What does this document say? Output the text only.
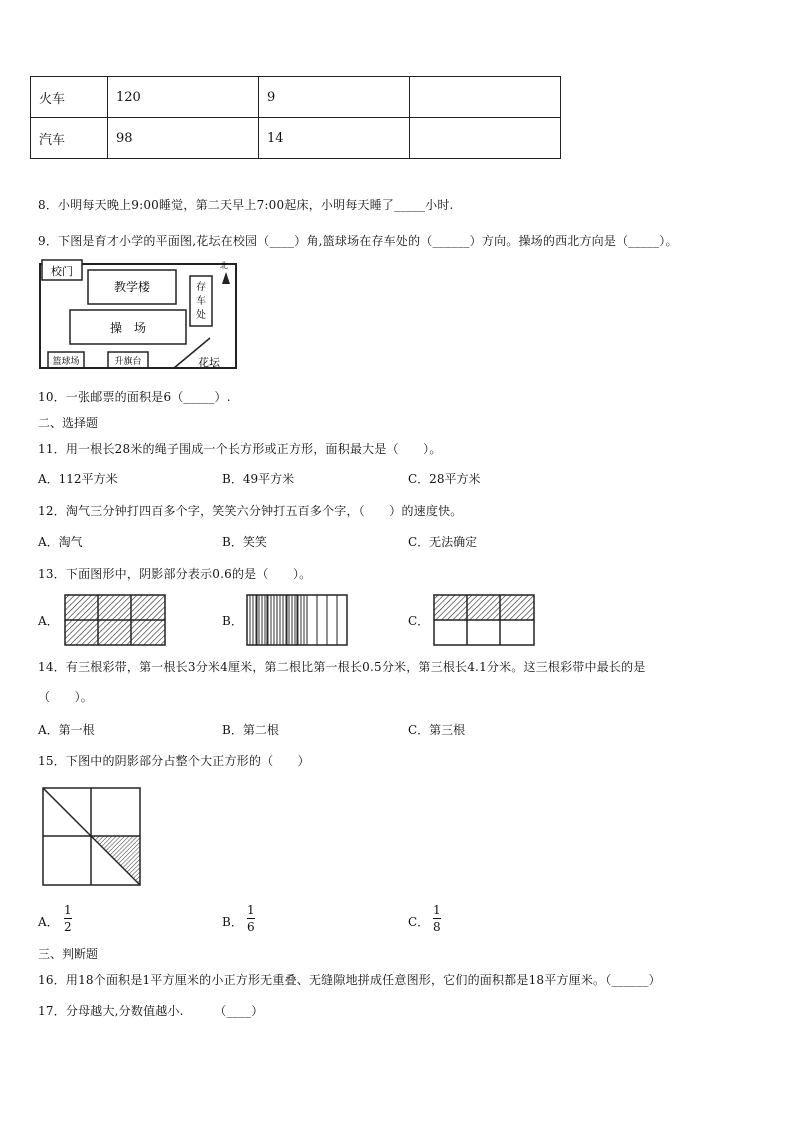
火车	120	9	
汽车	98	14	
8．小明每天晚上9:00睡觉，第二天早上7:00起床，小明每天睡了_____小时.
9．下图是育才小学的平面图,花坛在校园（____）角,篮球场在存车处的（______）方向。操场的西北方向是（_____）。
校门
教学楼	存
车
处
操　场
篮球场	升旗台	花坛
北
10．一张邮票的面积是6（_____）.
二、选择题
11．用一根长28米的绳子围成一个长方形或正方形，面积最大是（　　）。
A．112平方米	B．49平方米	C．28平方米
12．淘气三分钟打四百多个字，笑笑六分钟打五百多个字，（　　）的速度快。
A．淘气	B．笑笑	C．无法确定
13．下面图形中，阴影部分表示0.6的是（　　）。
A．	B．	C．
14．有三根彩带，第一根长3分米4厘米，第二根比第一根长0.5分米，第三根长4.1分米。这三根彩带中最长的是
（　　）。
A．第一根	B．第二根	C．第三根
15．下图中的阴影部分占整个大正方形的（　　）
A．
1
2	B．
1
6	C．
1
8
三、判断题
16．用18个面积是1平方厘米的小正方形无重叠、无缝隙地拼成任意图形，它们的面积都是18平方厘米。（______）
17．分母越大,分数值越小.　　　（____）
